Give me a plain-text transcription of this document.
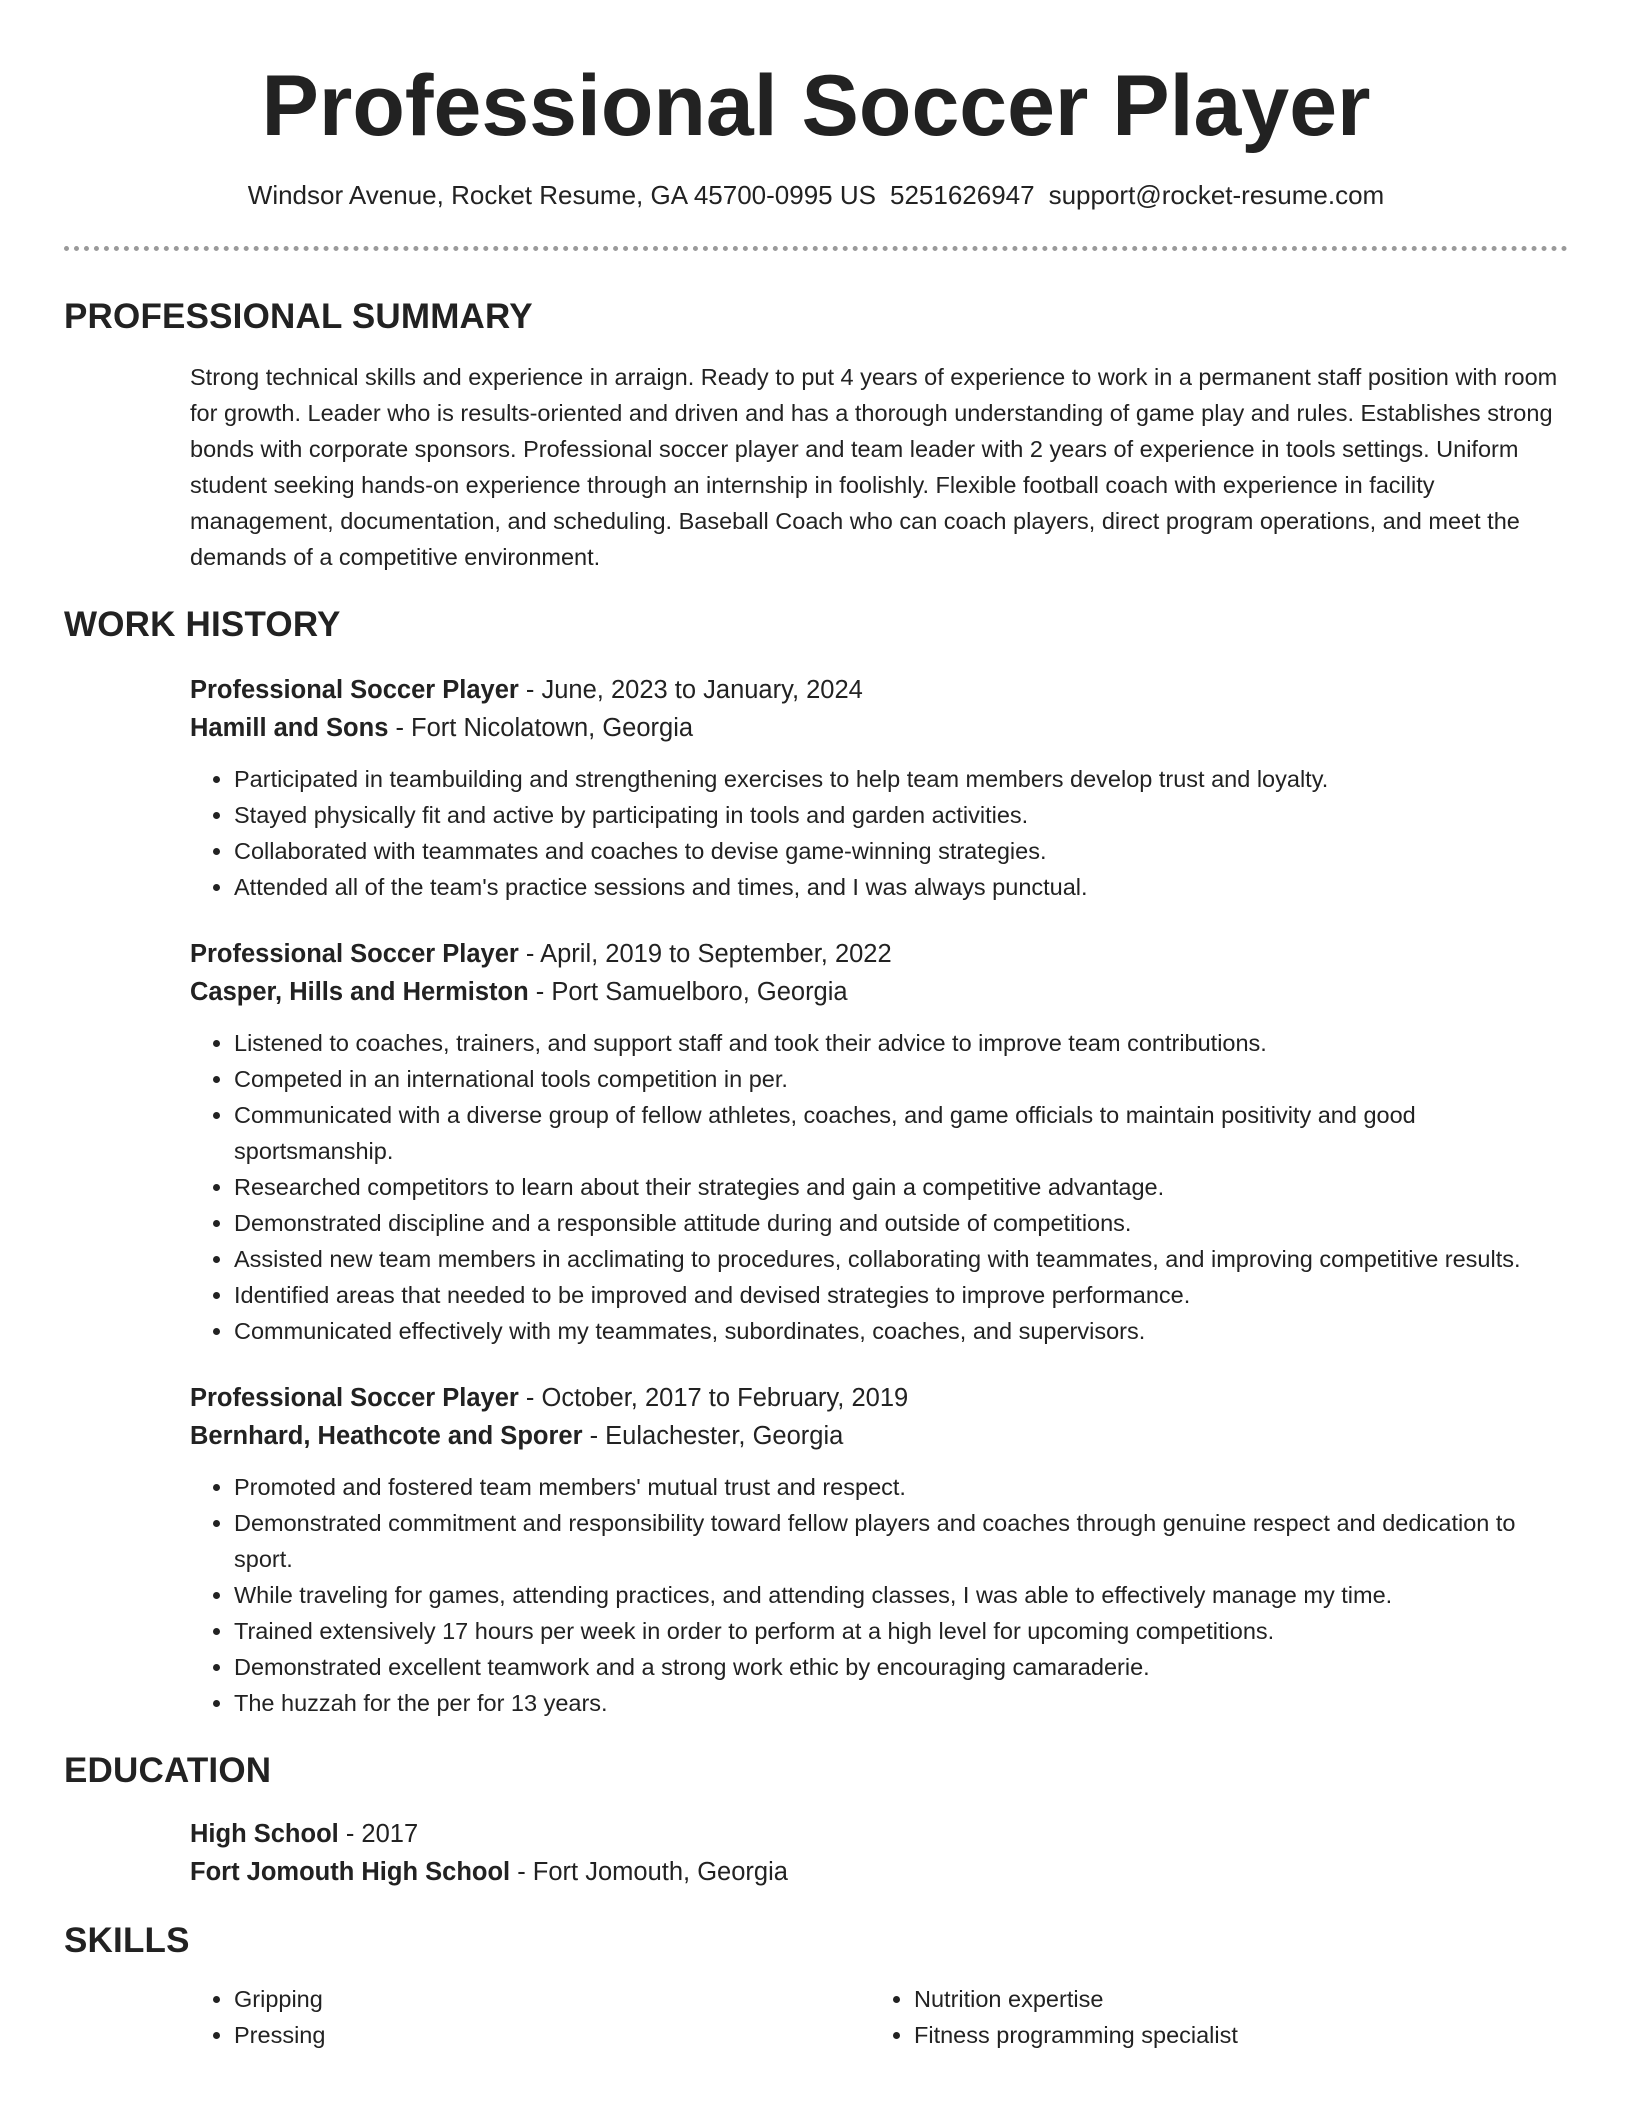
Professional Soccer Player
Windsor Avenue, Rocket Resume, GA 45700-0995 US 5251626947 support@rocket-resume.com
PROFESSIONAL SUMMARY
Strong technical skills and experience in arraign. Ready to put 4 years of experience to work in a permanent staff position with room for growth. Leader who is results-oriented and driven and has a thorough understanding of game play and rules. Establishes strong bonds with corporate sponsors. Professional soccer player and team leader with 2 years of experience in tools settings. Uniform student seeking hands-on experience through an internship in foolishly. Flexible football coach with experience in facility management, documentation, and scheduling. Baseball Coach who can coach players, direct program operations, and meet the demands of a competitive environment.
WORK HISTORY
Professional Soccer Player - June, 2023 to January, 2024
Hamill and Sons - Fort Nicolatown, Georgia
• Participated in teambuilding and strengthening exercises to help team members develop trust and loyalty.
• Stayed physically fit and active by participating in tools and garden activities.
• Collaborated with teammates and coaches to devise game-winning strategies.
• Attended all of the team's practice sessions and times, and I was always punctual.
Professional Soccer Player - April, 2019 to September, 2022
Casper, Hills and Hermiston - Port Samuelboro, Georgia
• Listened to coaches, trainers, and support staff and took their advice to improve team contributions.
• Competed in an international tools competition in per.
• Communicated with a diverse group of fellow athletes, coaches, and game officials to maintain positivity and good sportsmanship.
• Researched competitors to learn about their strategies and gain a competitive advantage.
• Demonstrated discipline and a responsible attitude during and outside of competitions.
• Assisted new team members in acclimating to procedures, collaborating with teammates, and improving competitive results.
• Identified areas that needed to be improved and devised strategies to improve performance.
• Communicated effectively with my teammates, subordinates, coaches, and supervisors.
Professional Soccer Player - October, 2017 to February, 2019
Bernhard, Heathcote and Sporer - Eulachester, Georgia
• Promoted and fostered team members' mutual trust and respect.
• Demonstrated commitment and responsibility toward fellow players and coaches through genuine respect and dedication to sport.
• While traveling for games, attending practices, and attending classes, I was able to effectively manage my time.
• Trained extensively 17 hours per week in order to perform at a high level for upcoming competitions.
• Demonstrated excellent teamwork and a strong work ethic by encouraging camaraderie.
• The huzzah for the per for 13 years.
EDUCATION
High School - 2017
Fort Jomouth High School - Fort Jomouth, Georgia
SKILLS
• Gripping
• Pressing
• Nutrition expertise
• Fitness programming specialist
